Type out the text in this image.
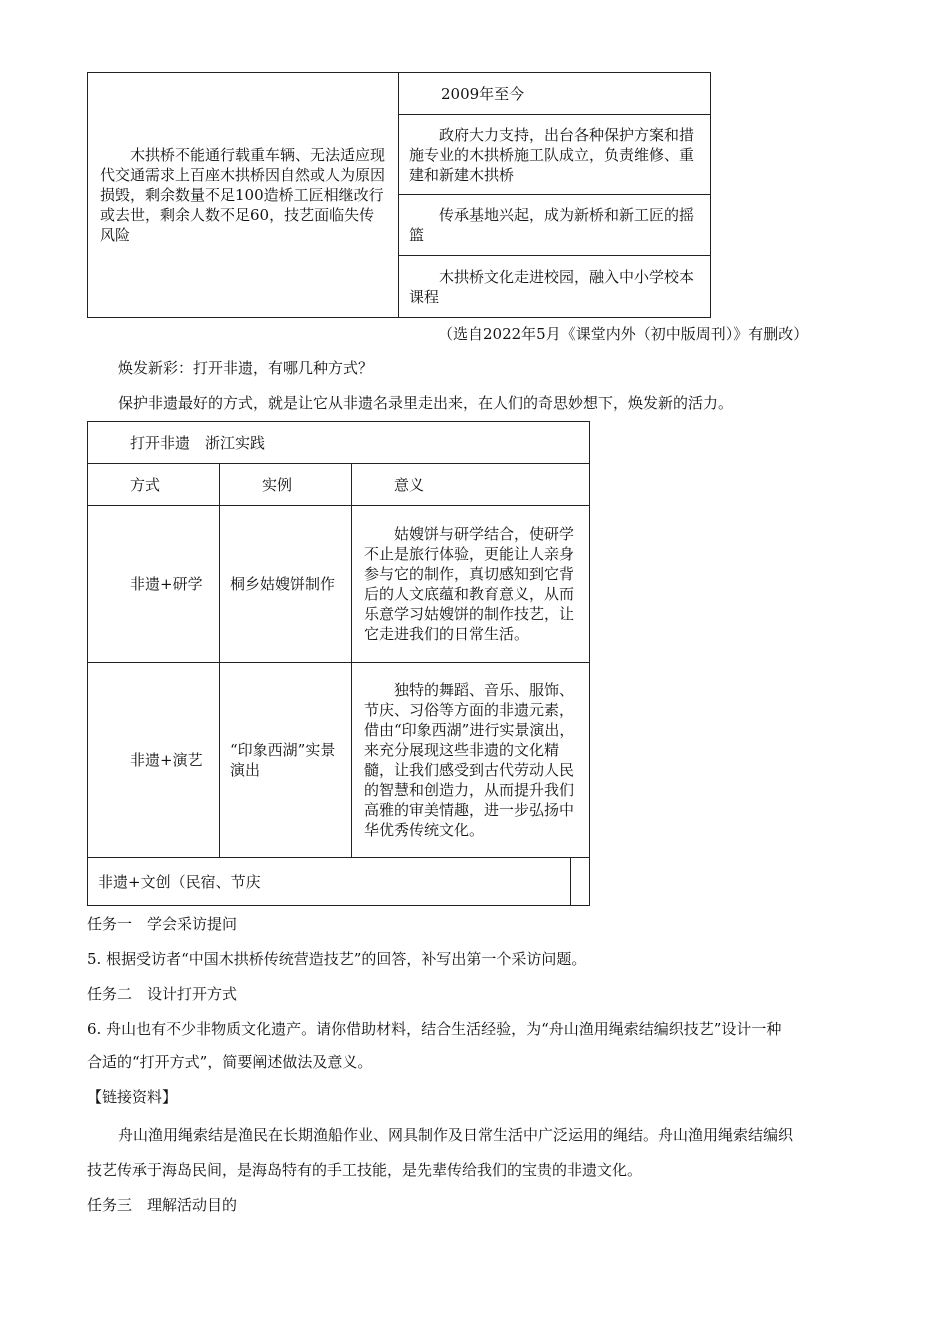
木拱桥不能通行载重车辆、无法适应现代交通需求上百座木拱桥因自然或人为原因损毁，剩余数量不足100造桥工匠相继改行或去世，剩余人数不足60，技艺面临失传风险
	2009年至今

政府大力支持，出台各种保护方案和措施专业的木拱桥施工队成立，负责维修、重建和新建木拱桥

传承基地兴起，成为新桥和新工匠的摇篮

木拱桥文化走进校园，融入中小学校本课程
（选自2022年5月《课堂内外（初中版周刊）》有删改）
焕发新彩：打开非遗，有哪几种方式？
保护非遗最好的方式，就是让它从非遗名录里走出来，在人们的奇思妙想下，焕发新的活力。
打开非遗　浙江实践			
方式	实例	意义	
非遗+研学	桐乡姑嫂饼制作	姑嫂饼与研学结合，使研学不止是旅行体验，更能让人亲身参与它的制作，真切感知到它背后的人文底蕴和教育意义，从而乐意学习姑嫂饼的制作技艺，让它走进我们的日常生活。	

非遗+演艺	“印象西湖”实景演出	独特的舞蹈、音乐、服饰、节庆、习俗等方面的非遗元素，借由“印象西湖”进行实景演出，来充分展现这些非遗的文化精髓，让我们感受到古代劳动人民的智慧和创造力，从而提升我们高雅的审美情趣，进一步弘扬中华优秀传统文化。	

非遗+文创（民宿、节庆			
任务一　学会采访提问
5. 根据受访者“中国木拱桥传统营造技艺”的回答，补写出第一个采访问题。
任务二　设计打开方式
6. 舟山也有不少非物质文化遗产。请你借助材料，结合生活经验，为“舟山渔用绳索结编织技艺”设计一种
合适的“打开方式”，简要阐述做法及意义。
【链接资料】
舟山渔用绳索结是渔民在长期渔船作业、网具制作及日常生活中广泛运用的绳结。舟山渔用绳索结编织
技艺传承于海岛民间，是海岛特有的手工技能，是先辈传给我们的宝贵的非遗文化。
任务三　理解活动目的
